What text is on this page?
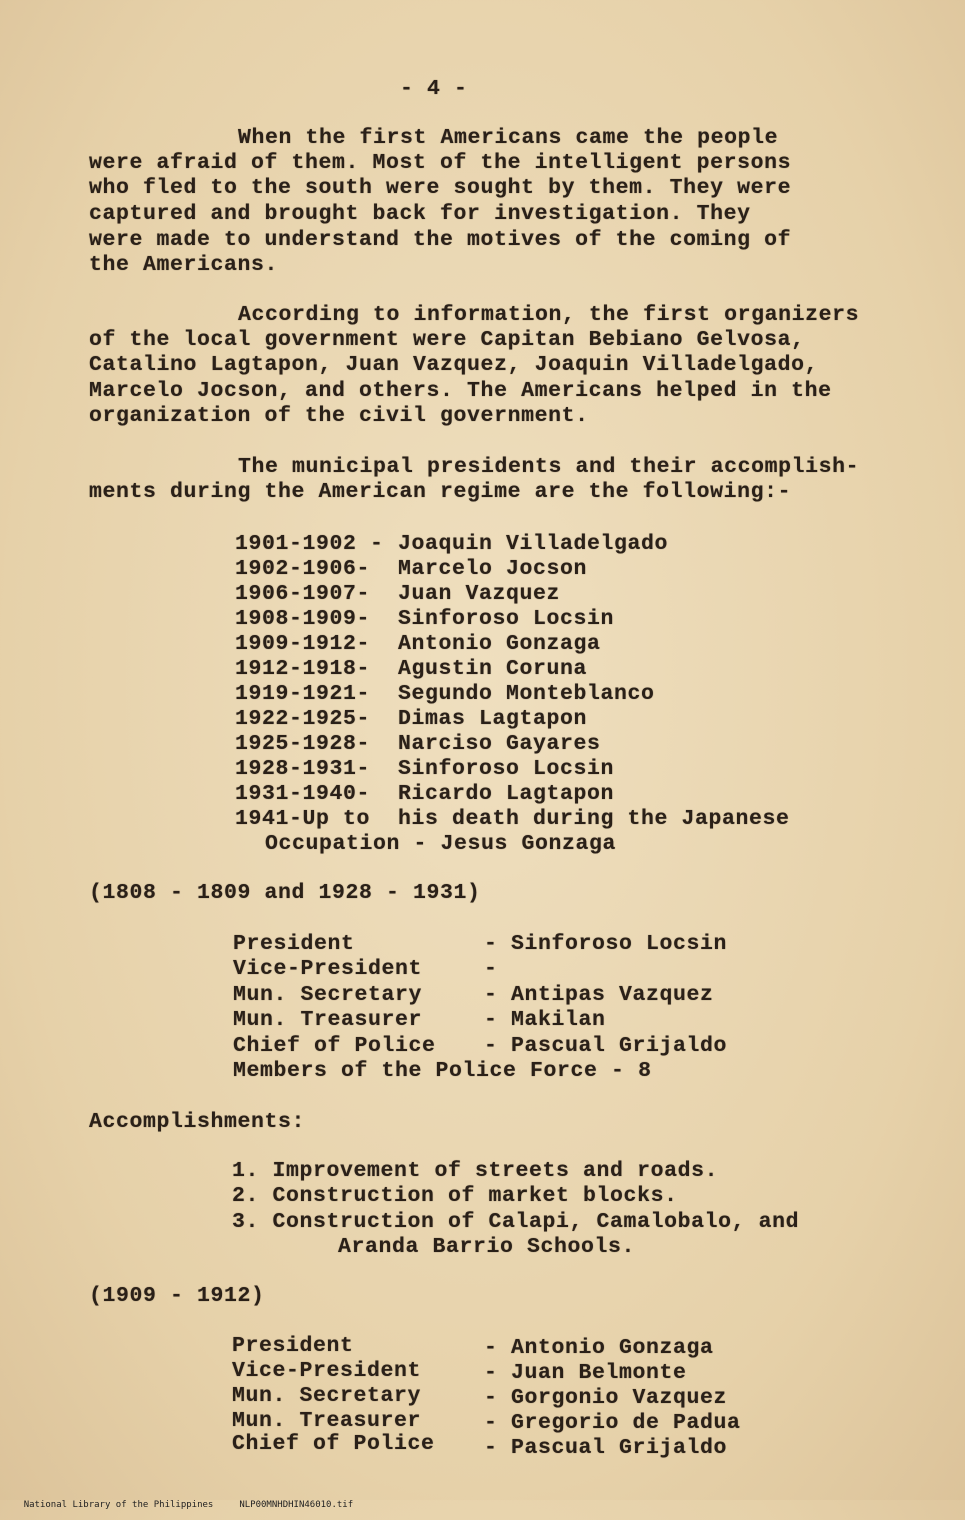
- 4 -
When the first Americans came the people
were afraid of them. Most of the intelligent persons
who fled to the south were sought by them. They were
captured and brought back for investigation. They
were made to understand the motives of the coming of
the Americans.
According to information, the first organizers
of the local government were Capitan Bebiano Gelvosa,
Catalino Lagtapon, Juan Vazquez, Joaquin Villadelgado,
Marcelo Jocson, and others. The Americans helped in the
organization of the civil government.
The municipal presidents and their accomplish-
ments during the American regime are the following:-
1901-1902 - Joaquin Villadelgado
1902-1906- Marcelo Jocson
1906-1907- Juan Vazquez
1908-1909- Sinforoso Locsin
1909-1912- Antonio Gonzaga
1912-1918- Agustin Coruna
1919-1921- Segundo Monteblanco
1922-1925- Dimas Lagtapon
1925-1928- Narciso Gayares
1928-1931- Sinforoso Locsin
1931-1940- Ricardo Lagtapon
1941-Up to his death during the Japanese
Occupation - Jesus Gonzaga
(1808 - 1809 and 1928 - 1931)
President	- Sinforoso Locsin
Vice-President	-
Mun. Secretary	- Antipas Vazquez
Mun. Treasurer	- Makilan
Chief of Police - Pascual Grijaldo
Members of the Police Force - 8
Accomplishments:
1. Improvement of streets and roads.
2. Construction of market blocks.
3. Construction of Calapi, Camalobalo, and
Aranda Barrio Schools.
(1909 - 1912)
President	- Antonio Gonzaga
Vice-President	- Juan Belmonte
Mun. Secretary	- Gorgonio Vazquez
Mun. Treasurer	- Gregorio de Padua
Chief of Police - Pascual Grijaldo

National Library of the Philippines	NLP00MNHDHIN46010.tif
